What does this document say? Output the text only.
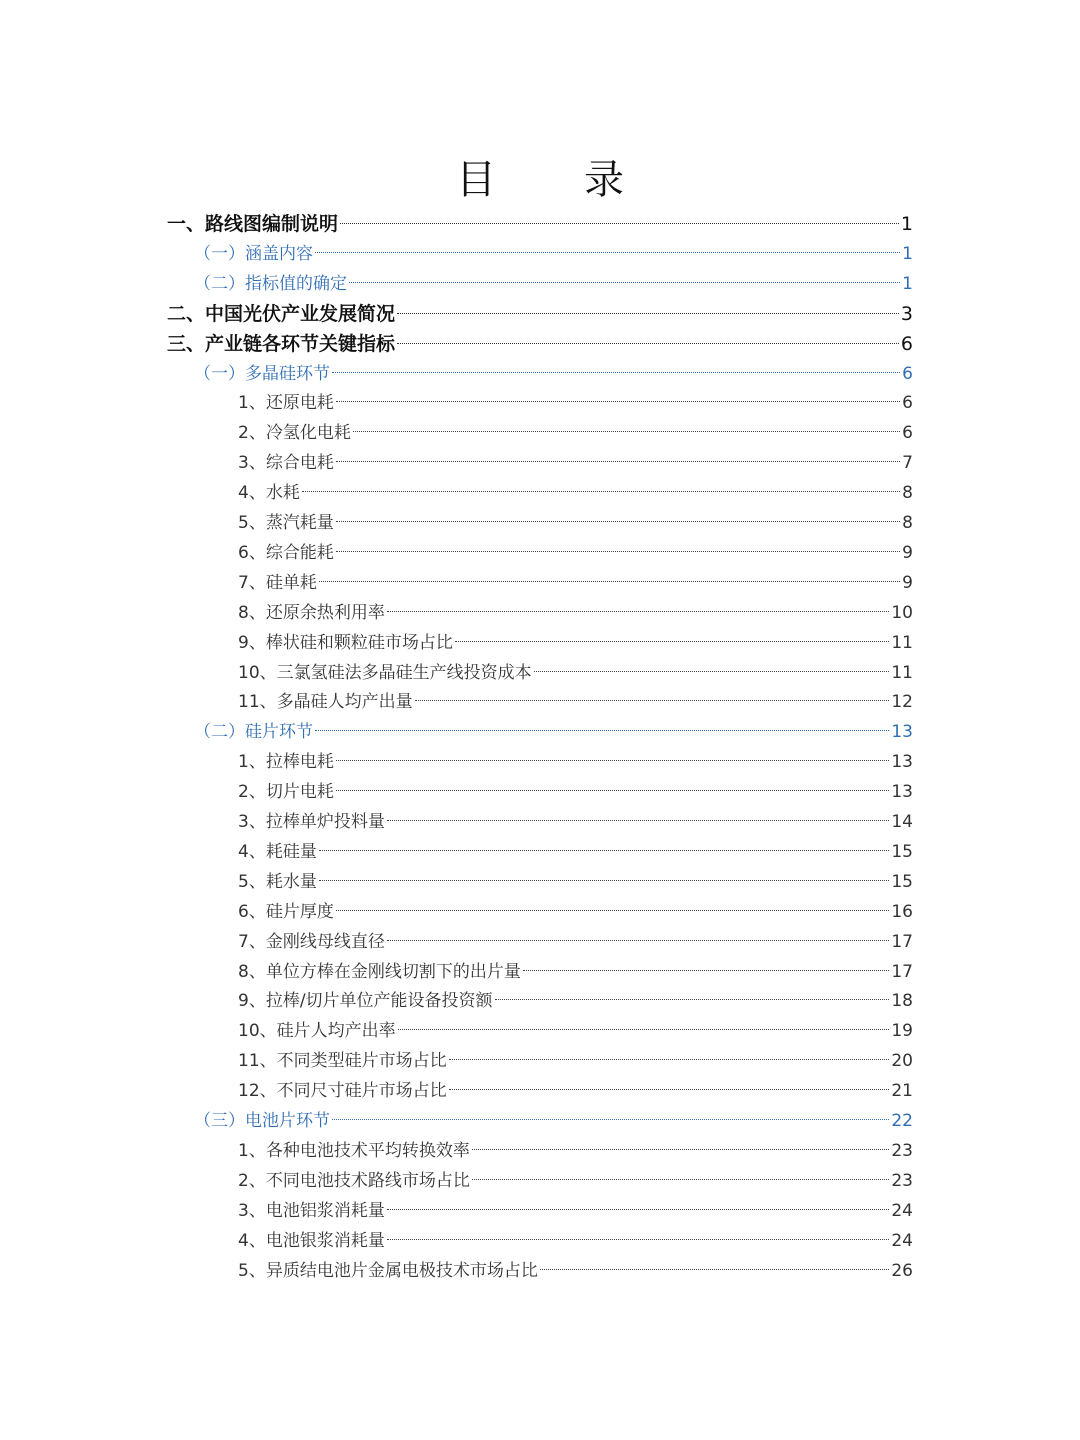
目　录
一、路线图编制说明	1
（一）涵盖内容	1
（二）指标值的确定	1
二、中国光伏产业发展简况	3
三、产业链各环节关键指标	6
（一）多晶硅环节	6
1、还原电耗	6
2、冷氢化电耗	6
3、综合电耗	7
4、水耗	8
5、蒸汽耗量	8
6、综合能耗	9
7、硅单耗	9
8、还原余热利用率	10
9、棒状硅和颗粒硅市场占比	11
10、三氯氢硅法多晶硅生产线投资成本	11
11、多晶硅人均产出量	12
（二）硅片环节	13
1、拉棒电耗	13
2、切片电耗	13
3、拉棒单炉投料量	14
4、耗硅量	15
5、耗水量	15
6、硅片厚度	16
7、金刚线母线直径	17
8、单位方棒在金刚线切割下的出片量	17
9、拉棒/切片单位产能设备投资额	18
10、硅片人均产出率	19
11、不同类型硅片市场占比	20
12、不同尺寸硅片市场占比	21
（三）电池片环节	22
1、各种电池技术平均转换效率	23
2、不同电池技术路线市场占比	23
3、电池铝浆消耗量	24
4、电池银浆消耗量	24
5、异质结电池片金属电极技术市场占比	26
